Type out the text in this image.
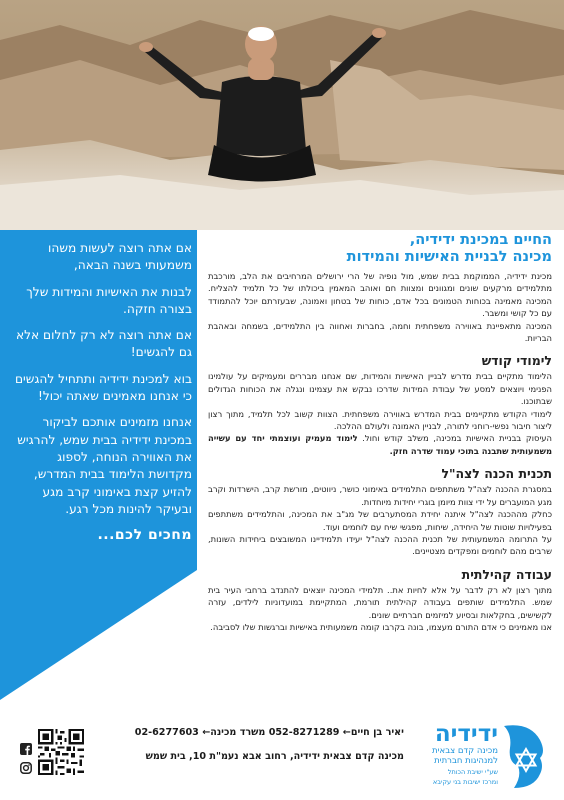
אם אתה רוצה לעשות משהו משמעותי בשנה הבאה,

לבנות את האישיות והמידות שלך בצורה חזקה.

אם אתה רוצה לא רק לחלום אלא גם להגשים!

בוא למכינת ידידיה ותתחיל להגשים כי אנחנו מאמינים שאתה יכול!

אנחנו מזמינים אותכם לביקור במכינת ידידיה בבית שמש, להרגיש את האווירה הנוחה, לספוג מקדושת הלימוד בבית המדרש, להזיע קצת באימוני קרב מגע ובעיקר להינות מכל רגע.

מחכים לכם...

החיים במכינת ידידיה,
מכינה לבניית האישיות והמידות

מכינת ידידיה, הממוקמת בבית שמש, מול נופיה של הרי ירושלים המרחיבים את הלב, מורכבת מתלמידים מרקעים שונים ומגוונים ומצוות חם ואוהב המאמין ביכולתו של כל תלמיד להצליח. המכינה מאמינה בכוחות הטמונים בכל אדם, כוחות של בטחון ואמונה, שבעזרתם יוכל להתמודד עם כל קושי ומשבר.

המכינה מתאפיינת באווירה משפחתית וחמה, בחברות ואחווה בין התלמידים, בשמחה ובאהבת הבריות.

לימודי קודש

הלימוד מתקיים בבית מדרש לבניין האישיות והמידות, שם אנחנו מבררים ומעמיקים על עולמינו הפנימי ויוצאים למסע של עבודת המידות שדרכו נבקש את עצמינו ונגלה את הכוחות הגדולים שבתוכנו.

לימודי הקודש מתקיימים בבית המדרש באווירה משפחתית. הצוות קשוב לכל תלמיד, מתוך רצון ליצור חיבור נפשי-רוחני לתורה, לבניין האמונה ולעולם ההלכה.

העיסוק בבניית האישיות במכינה, משלב קודש וחול. לימוד מעמיק ועוצמתי יחד עם עשייה משמעותית שתבנה בתוכי עמוד שדרה חזק.

תכנית הכנה לצה"ל

במסגרת ההכנה לצה"ל משתתפים התלמידים באימוני כושר, ניווטים, מורשת קרב, הישרדות וקרב מגע המועברים על ידי צוות מיומן בוגרי יחידות מיוחדות.

כחלק מההכנה לצה"ל איתנה יחידת המסתערבים של מג"ב את המכינה, והתלמידים משתתפים בפעילויות שוטות של היחידה, שיחות, מפגשי שיח עם לוחמים ועוד.

על התרומה המשמעותית של תכנית ההכנה לצה"ל יעידו תלמידיינו המשובצים ביחידות השונות, שרבים מהם לוחמים ומפקדים מצטיינים.

עבודה קהילתית

מתוך רצון לא רק לדבר על אלא לחיות את.. תלמידי המכינה יוצאים להתנדב ברחבי העיר בית שמש. התלמידים שותפים בעבודה קהילתית תורמת, המתקיימת במועדוניות לילדים, עזרה לקשישים, בחקלאות ובסיוע למיזמים חברתיים שונים.

אנו מאמינים כי אדם התורם מעצמו, בונה בקרבו קומה משמעותית באישיות וברגשות שלו לסביבה.

ידידיה
מכינה קדם צבאית
למנהיגות חברתית
שע"י ישיבת הכותל
ומרכז ישיבות בני עקיבא
יאיר בן חיים← 052-8271289 משרד מכינה← 02-6277603
מכינה קדם צבאית ידידיה, רחוב אבא נעמ"ת 10, בית שמש
